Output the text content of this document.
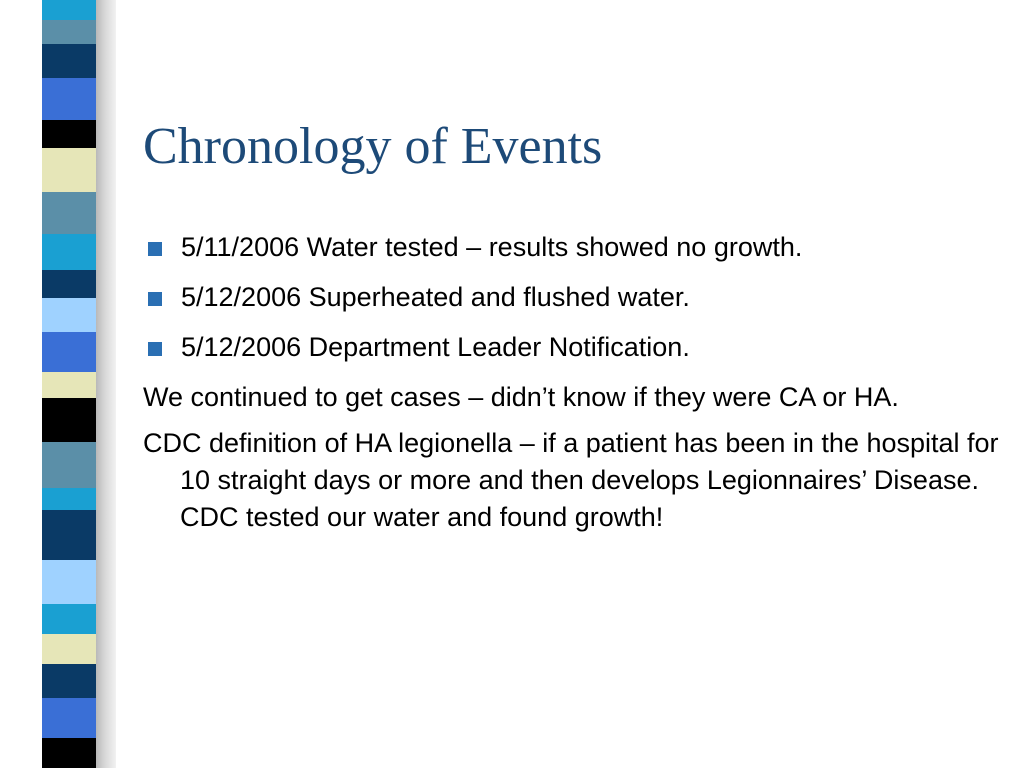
Chronology of Events
5/11/2006 Water tested – results showed no growth.
5/12/2006 Superheated and flushed water.
5/12/2006 Department Leader Notification.
We continued to get cases – didn’t know if they were CA or HA.
CDC definition of HA legionella – if a patient has been in the hospital for 10 straight days or more and then develops Legionnaires’ Disease. CDC tested our water and found growth!
